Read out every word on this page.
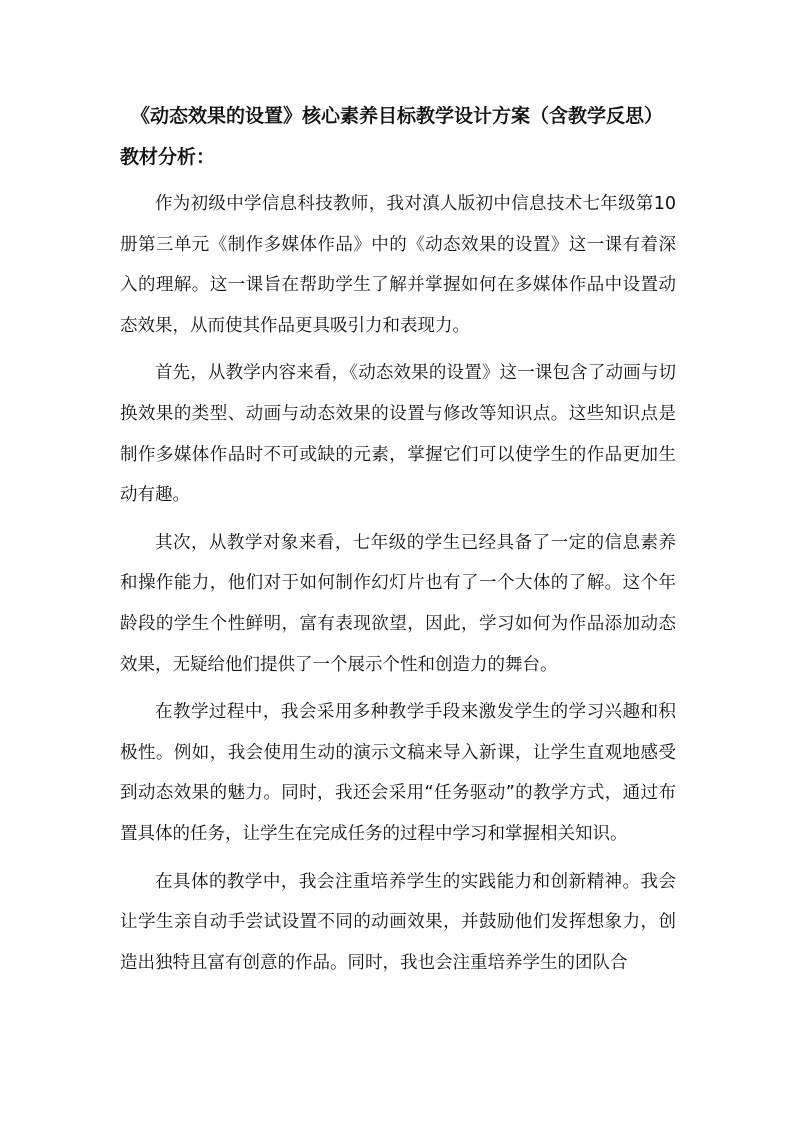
《动态效果的设置》核心素养目标教学设计方案（含教学反思）
教材分析：

作为初级中学信息科技教师，我对滇人版初中信息技术七年级第10册第三单元《制作多媒体作品》中的《动态效果的设置》这一课有着深入的理解。这一课旨在帮助学生了解并掌握如何在多媒体作品中设置动态效果，从而使其作品更具吸引力和表现力。

首先，从教学内容来看，《动态效果的设置》这一课包含了动画与切换效果的类型、动画与动态效果的设置与修改等知识点。这些知识点是制作多媒体作品时不可或缺的元素，掌握它们可以使学生的作品更加生动有趣。

其次，从教学对象来看，七年级的学生已经具备了一定的信息素养和操作能力，他们对于如何制作幻灯片也有了一个大体的了解。这个年龄段的学生个性鲜明，富有表现欲望，因此，学习如何为作品添加动态效果，无疑给他们提供了一个展示个性和创造力的舞台。

在教学过程中，我会采用多种教学手段来激发学生的学习兴趣和积极性。例如，我会使用生动的演示文稿来导入新课，让学生直观地感受到动态效果的魅力。同时，我还会采用“任务驱动”的教学方式，通过布置具体的任务，让学生在完成任务的过程中学习和掌握相关知识。

在具体的教学中，我会注重培养学生的实践能力和创新精神。我会让学生亲自动手尝试设置不同的动画效果，并鼓励他们发挥想象力，创造出独特且富有创意的作品。同时，我也会注重培养学生的团队合
